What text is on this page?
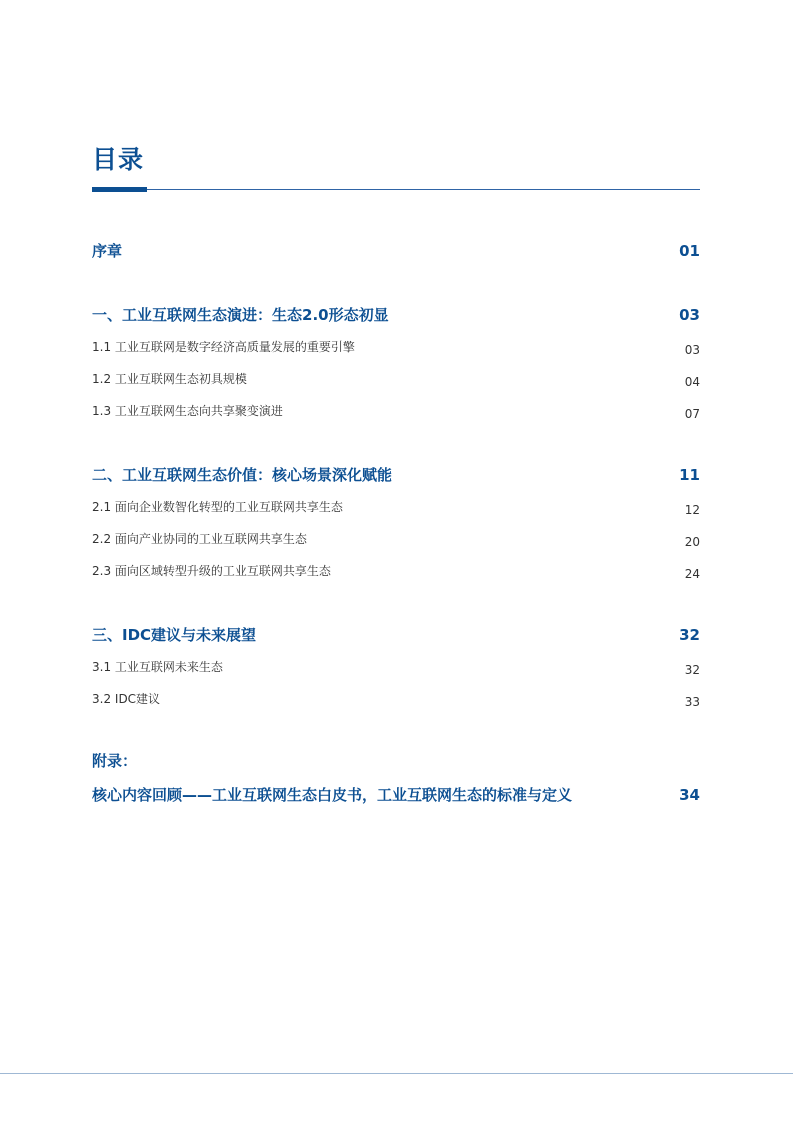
目录
序章	01
一、工业互联网生态演进：生态2.0形态初显	03
1.1 工业互联网是数字经济高质量发展的重要引擎	03
1.2 工业互联网生态初具规模	04
1.3 工业互联网生态向共享聚变演进	07
二、工业互联网生态价值：核心场景深化赋能	11
2.1 面向企业数智化转型的工业互联网共享生态	12
2.2 面向产业协同的工业互联网共享生态	20
2.3 面向区域转型升级的工业互联网共享生态	24
三、IDC建议与未来展望	32
3.1 工业互联网未来生态	32
3.2 IDC建议	33
附录：
核心内容回顾——工业互联网生态白皮书，工业互联网生态的标准与定义	34
